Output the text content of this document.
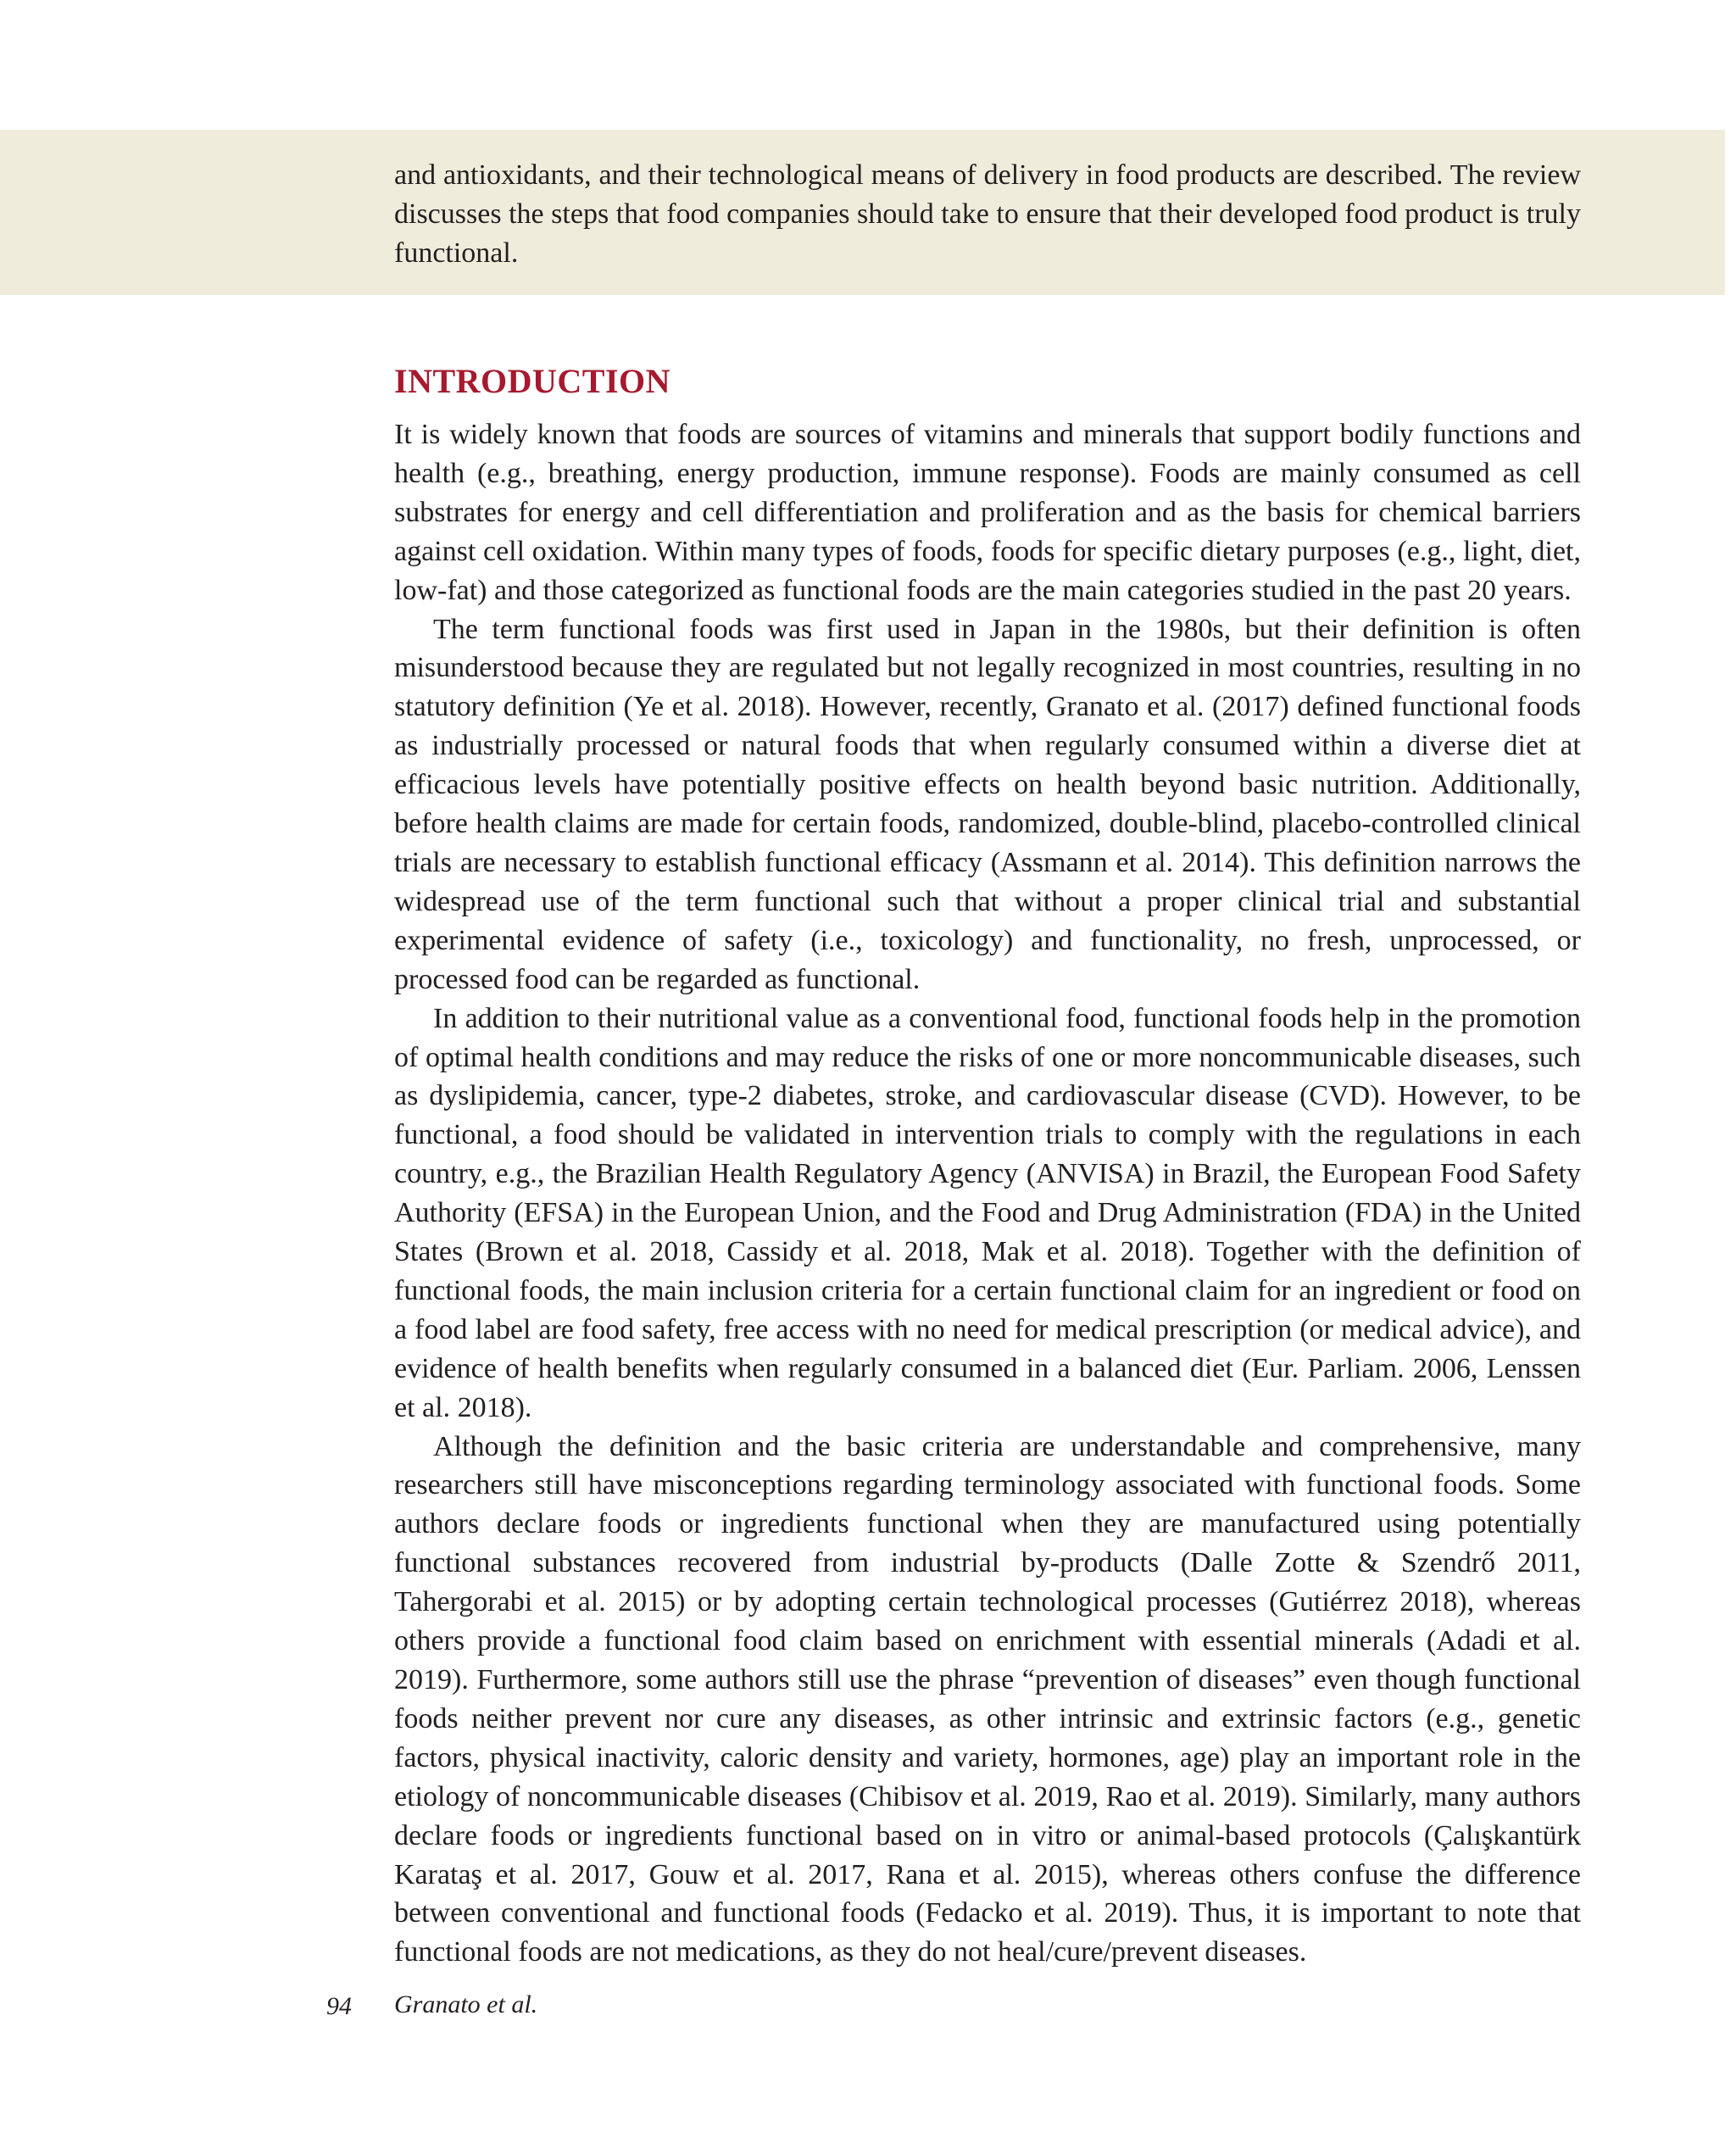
and antioxidants, and their technological means of delivery in food products are described. The review discusses the steps that food companies should take to ensure that their developed food product is truly functional.

INTRODUCTION

It is widely known that foods are sources of vitamins and minerals that support bodily functions and health (e.g., breathing, energy production, immune response). Foods are mainly consumed as cell substrates for energy and cell differentiation and proliferation and as the basis for chemical barriers against cell oxidation. Within many types of foods, foods for specific dietary purposes (e.g., light, diet, low-fat) and those categorized as functional foods are the main categories studied in the past 20 years.

The term functional foods was first used in Japan in the 1980s, but their definition is often misunderstood because they are regulated but not legally recognized in most countries, resulting in no statutory definition (Ye et al. 2018). However, recently, Granato et al. (2017) defined functional foods as industrially processed or natural foods that when regularly consumed within a diverse diet at efficacious levels have potentially positive effects on health beyond basic nutrition. Additionally, before health claims are made for certain foods, randomized, double-blind, placebo-controlled clinical trials are necessary to establish functional efficacy (Assmann et al. 2014). This definition narrows the widespread use of the term functional such that without a proper clinical trial and substantial experimental evidence of safety (i.e., toxicology) and functionality, no fresh, unprocessed, or processed food can be regarded as functional.

In addition to their nutritional value as a conventional food, functional foods help in the promotion of optimal health conditions and may reduce the risks of one or more noncommunicable diseases, such as dyslipidemia, cancer, type-2 diabetes, stroke, and cardiovascular disease (CVD). However, to be functional, a food should be validated in intervention trials to comply with the regulations in each country, e.g., the Brazilian Health Regulatory Agency (ANVISA) in Brazil, the European Food Safety Authority (EFSA) in the European Union, and the Food and Drug Administration (FDA) in the United States (Brown et al. 2018, Cassidy et al. 2018, Mak et al. 2018). Together with the definition of functional foods, the main inclusion criteria for a certain functional claim for an ingredient or food on a food label are food safety, free access with no need for medical prescription (or medical advice), and evidence of health benefits when regularly consumed in a balanced diet (Eur. Parliam. 2006, Lenssen et al. 2018).

Although the definition and the basic criteria are understandable and comprehensive, many researchers still have misconceptions regarding terminology associated with functional foods. Some authors declare foods or ingredients functional when they are manufactured using potentially functional substances recovered from industrial by-products (Dalle Zotte & Szendrő 2011, Tahergorabi et al. 2015) or by adopting certain technological processes (Gutiérrez 2018), whereas others provide a functional food claim based on enrichment with essential minerals (Adadi et al. 2019). Furthermore, some authors still use the phrase “prevention of diseases” even though functional foods neither prevent nor cure any diseases, as other intrinsic and extrinsic factors (e.g., genetic factors, physical inactivity, caloric density and variety, hormones, age) play an important role in the etiology of noncommunicable diseases (Chibisov et al. 2019, Rao et al. 2019). Similarly, many authors declare foods or ingredients functional based on in vitro or animal-based protocols (Çalışkantürk Karataş et al. 2017, Gouw et al. 2017, Rana et al. 2015), whereas others confuse the difference between conventional and functional foods (Fedacko et al. 2019). Thus, it is important to note that functional foods are not medications, as they do not heal/cure/prevent diseases.

94 Granato et al.
